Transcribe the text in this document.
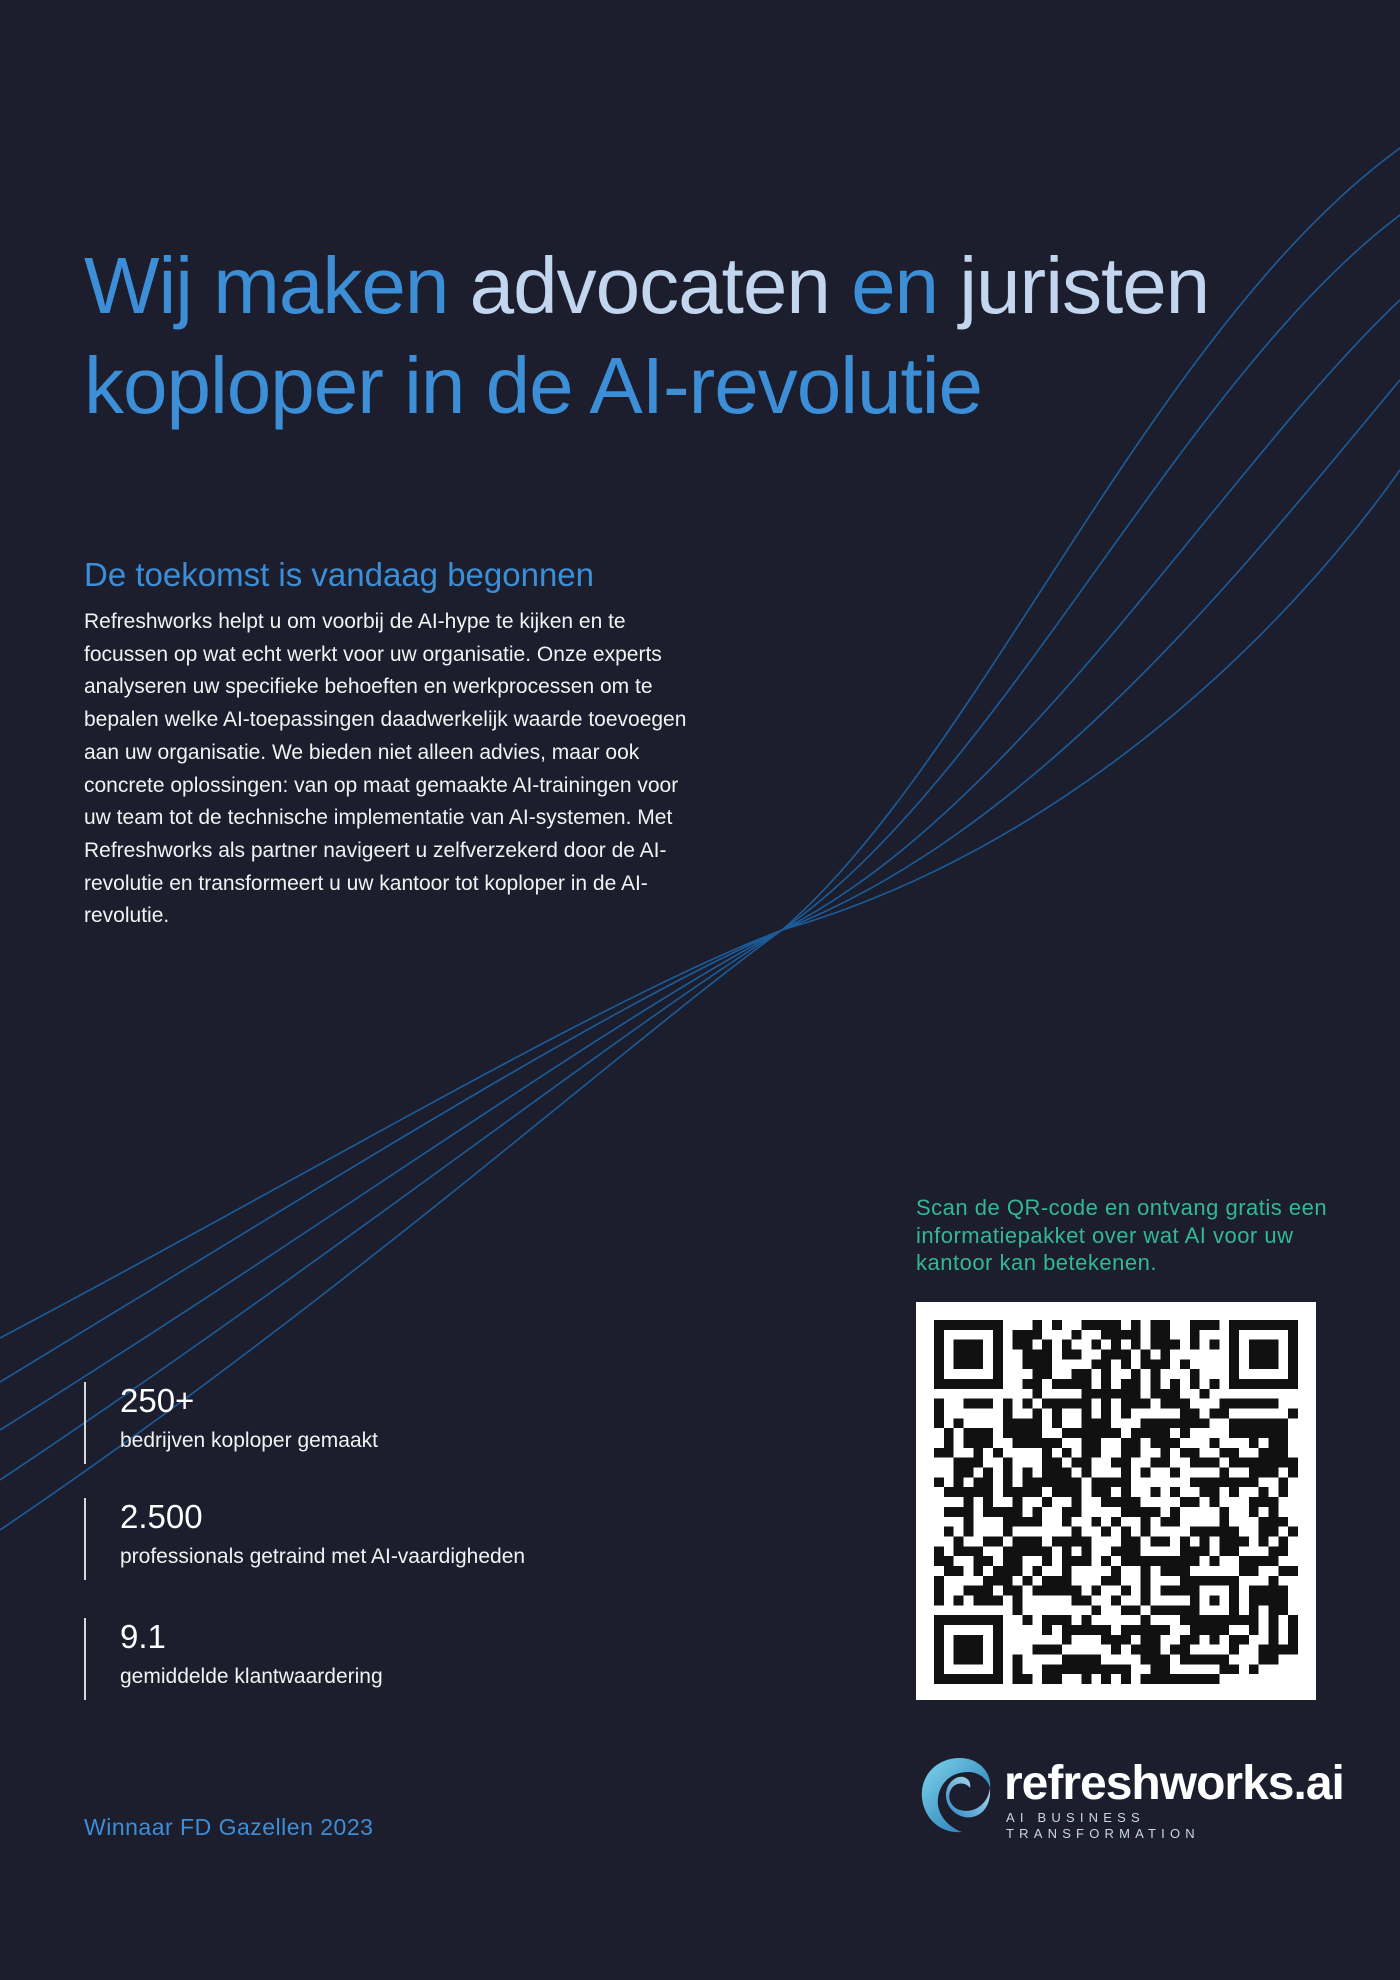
Wij maken advocaten en juristen
koploper in de AI-revolutie
De toekomst is vandaag begonnen

Refreshworks helpt u om voorbij de AI-hype te kijken en te focussen op wat echt werkt voor uw organisatie. Onze experts analyseren uw specifieke behoeften en werkprocessen om te bepalen welke AI-toepassingen daadwerkelijk waarde toevoegen aan uw organisatie. We bieden niet alleen advies, maar ook concrete oplossingen: van op maat gemaakte AI-trainingen voor uw team tot de technische implementatie van AI-systemen. Met Refreshworks als partner navigeert u zelfverzekerd door de AI-revolutie en transformeert u uw kantoor tot koploper in de AI-revolutie.

250+
bedrijven koploper gemaakt
2.500
professionals getraind met AI-vaardigheden
9.1
gemiddelde klantwaardering
Winnaar FD Gazellen 2023

Scan de QR-code en ontvang gratis een informatiepakket over wat AI voor uw kantoor kan betekenen.

refreshworks.ai
AI BUSINESS TRANSFORMATION
